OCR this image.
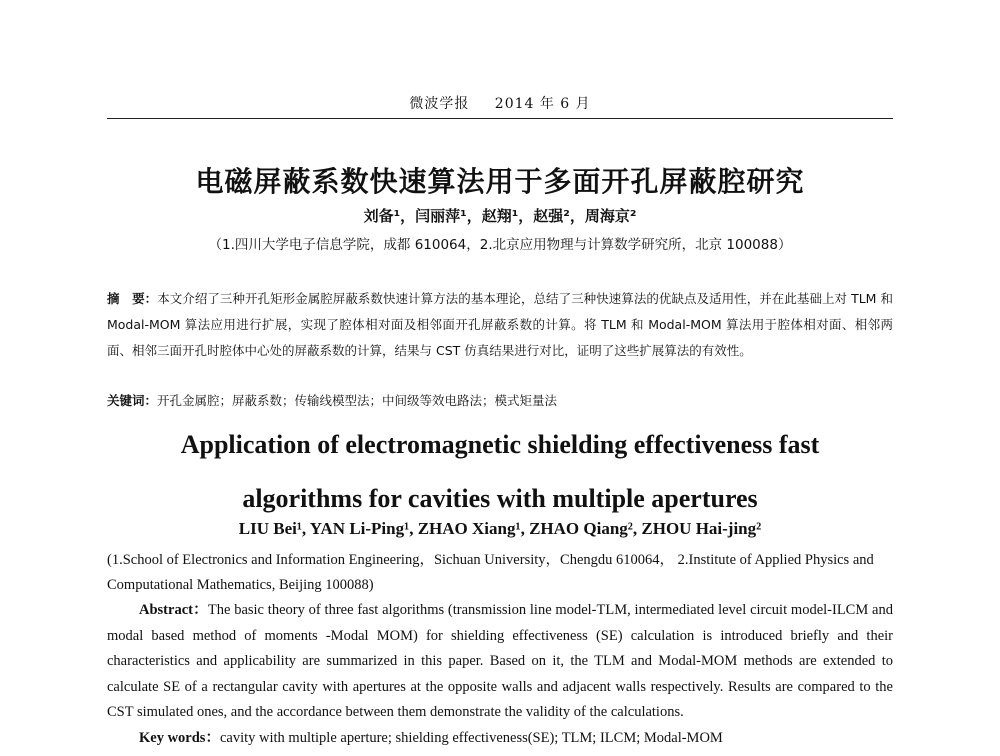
微波学报 2014 年 6 月
电磁屏蔽系数快速算法用于多面开孔屏蔽腔研究
刘备¹，闫丽萍¹，赵翔¹，赵强²，周海京²
（1.四川大学电子信息学院，成都 610064，2.北京应用物理与计算数学研究所，北京 100088）
摘　要：本文介绍了三种开孔矩形金属腔屏蔽系数快速计算方法的基本理论，总结了三种快速算法的优缺点及适用性，并在此基础上对 TLM 和 Modal-MOM 算法应用进行扩展，实现了腔体相对面及相邻面开孔屏蔽系数的计算。将 TLM 和 Modal-MOM 算法用于腔体相对面、相邻两面、相邻三面开孔时腔体中心处的屏蔽系数的计算，结果与 CST 仿真结果进行对比，证明了这些扩展算法的有效性。
关键词：开孔金属腔；屏蔽系数；传输线模型法；中间级等效电路法；模式矩量法
Application of electromagnetic shielding effectiveness fast
algorithms for cavities with multiple apertures
LIU Bei¹, YAN Li-Ping¹, ZHAO Xiang¹, ZHAO Qiang², ZHOU Hai-jing²
(1.School of Electronics and Information Engineering，Sichuan University，Chengdu 610064， 2.Institute of Applied Physics and Computational Mathematics, Beijing 100088)
Abstract：The basic theory of three fast algorithms (transmission line model-TLM, intermediated level circuit model-ILCM and modal based method of moments -Modal MOM) for shielding effectiveness (SE) calculation is introduced briefly and their characteristics and applicability are summarized in this paper. Based on it, the TLM and Modal-MOM methods are extended to calculate SE of a rectangular cavity with apertures at the opposite walls and adjacent walls respectively. Results are compared to the CST simulated ones, and the accordance between them demonstrate the validity of the calculations.
Key words：cavity with multiple aperture; shielding effectiveness(SE); TLM; ILCM; Modal-MOM
